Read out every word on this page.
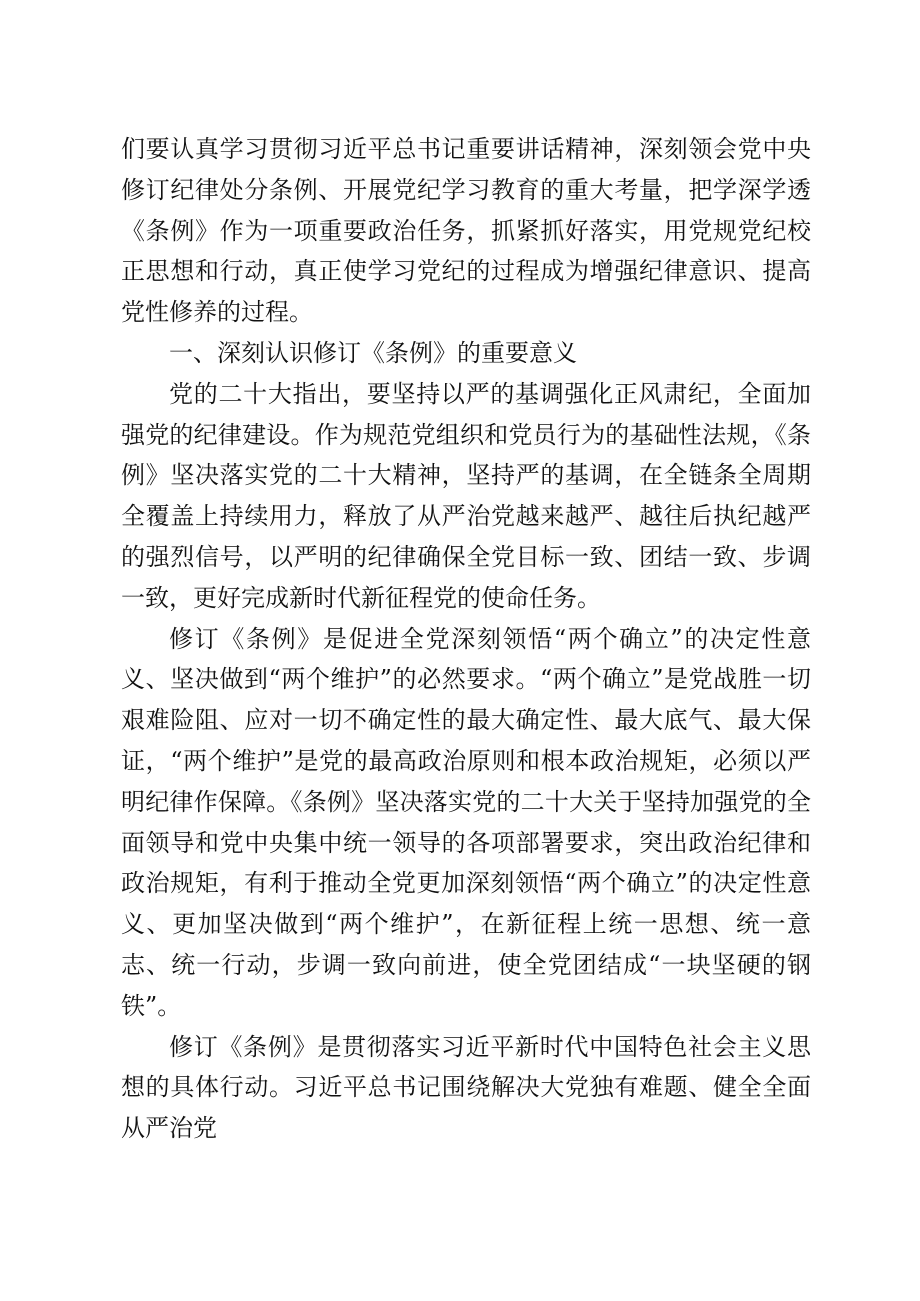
们要认真学习贯彻习近平总书记重要讲话精神，深刻领会党中央修订纪律处分条例、开展党纪学习教育的重大考量，把学深学透《条例》作为一项重要政治任务，抓紧抓好落实，用党规党纪校正思想和行动，真正使学习党纪的过程成为增强纪律意识、提高党性修养的过程。

一、深刻认识修订《条例》的重要意义

党的二十大指出，要坚持以严的基调强化正风肃纪，全面加强党的纪律建设。作为规范党组织和党员行为的基础性法规，《条例》坚决落实党的二十大精神，坚持严的基调，在全链条全周期全覆盖上持续用力，释放了从严治党越来越严、越往后执纪越严的强烈信号，以严明的纪律确保全党目标一致、团结一致、步调一致，更好完成新时代新征程党的使命任务。

修订《条例》是促进全党深刻领悟“两个确立”的决定性意义、坚决做到“两个维护”的必然要求。“两个确立”是党战胜一切艰难险阻、应对一切不确定性的最大确定性、最大底气、最大保证，“两个维护”是党的最高政治原则和根本政治规矩，必须以严明纪律作保障。《条例》坚决落实党的二十大关于坚持加强党的全面领导和党中央集中统一领导的各项部署要求，突出政治纪律和政治规矩，有利于推动全党更加深刻领悟“两个确立”的决定性意义、更加坚决做到“两个维护”，在新征程上统一思想、统一意志、统一行动，步调一致向前进，使全党团结成“一块坚硬的钢铁”。

修订《条例》是贯彻落实习近平新时代中国特色社会主义思想的具体行动。习近平总书记围绕解决大党独有难题、健全全面从严治党
